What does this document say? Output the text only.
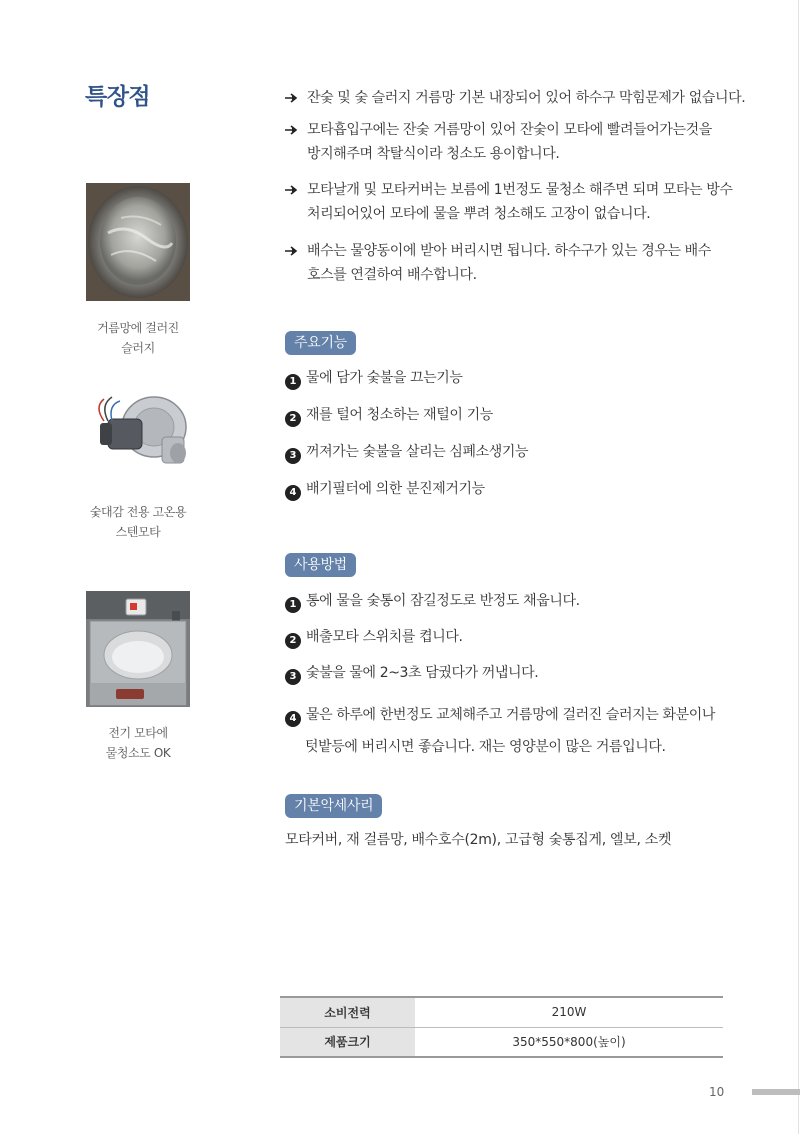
특장점	잔숯 및 숯 슬러지 거름망 기본 내장되어 있어 하수구 막힘문제가 없습니다.
모타흡입구에는 잔숯 거름망이 있어 잔숯이 모타에 빨려들어가는것을
방지해주며 착탈식이라 청소도 용이합니다.
모타날개 및 모타커버는 보름에 1번정도 물청소 해주면 되며 모타는 방수
처리되어있어 모타에 물을 뿌려 청소해도 고장이 없습니다.
배수는 물양동이에 받아 버리시면 됩니다. 하수구가 있는 경우는 배수
호스를 연결하여 배수합니다.
거름망에 걸러진
슬러지
숯대감 전용 고온용
스텐모타
전기 모타에
물청소도 OK
주요기능
1 물에 담가 숯불을 끄는기능
2 재를 털어 청소하는 재털이 기능
3 꺼져가는 숯불을 살리는 심폐소생기능
4 배기필터에 의한 분진제거기능
사용방법
1 통에 물을 숯통이 잠길정도로 반정도 채웁니다.
2 배출모타 스위치를 켭니다.
3 숯불을 물에 2~3초 담궜다가 꺼냅니다.
4 물은 하루에 한번정도 교체해주고 거름망에 걸러진 슬러지는 화분이나
텃밭등에 버리시면 좋습니다. 재는 영양분이 많은 거름입니다.
기본악세사리
모타커버, 재 걸름망, 배수호수(2m), 고급형 숯통집게, 엘보, 소켓
소비전력	210W
제품크기	350*550*800(높이)
10
